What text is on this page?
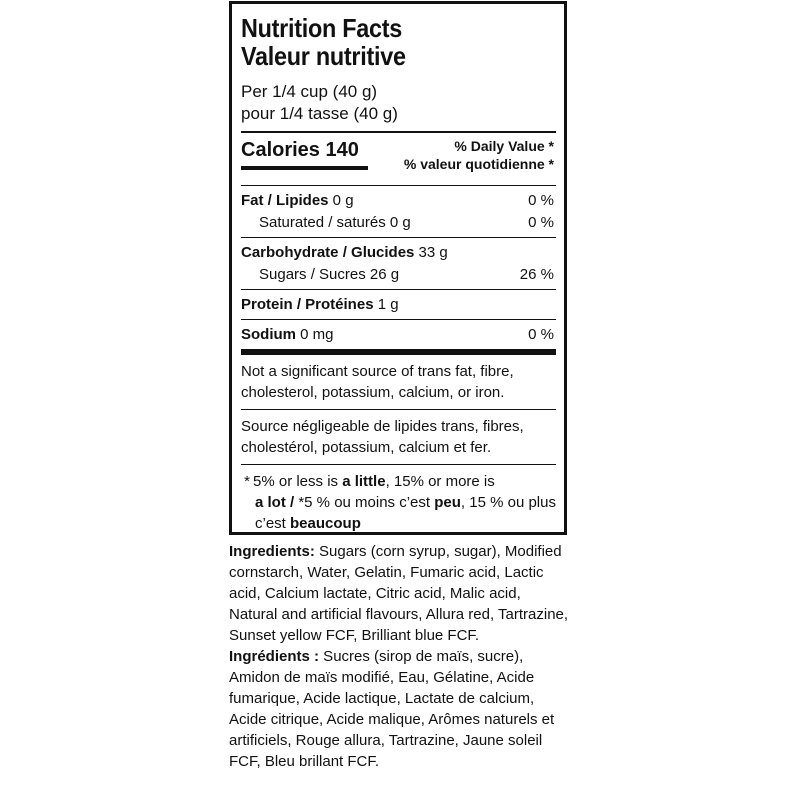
Nutrition Facts
Valeur nutritive
Per 1/4 cup (40 g)
pour 1/4 tasse (40 g)
Calories 140	% Daily Value *
% valeur quotidienne *
Fat / Lipides 0 g	0 %
Saturated / saturés 0 g	0 %
Carbohydrate / Glucides 33 g
Sugars / Sucres 26 g	26 %
Protein / Protéines 1 g
Sodium 0 mg	0 %
Not a significant source of trans fat, fibre, cholesterol, potassium, calcium, or iron.
Source négligeable de lipides trans, fibres, cholestérol, potassium, calcium et fer.
* 5% or less is a little, 15% or more is
a lot / *5 % ou moins c’est peu, 15 % ou plus c’est beaucoup

Ingredients: Sugars (corn syrup, sugar), Modified cornstarch, Water, Gelatin, Fumaric acid, Lactic acid, Calcium lactate, Citric acid, Malic acid, Natural and artificial flavours, Allura red, Tartrazine, Sunset yellow FCF, Brilliant blue FCF.

Ingrédients : Sucres (sirop de maïs, sucre), Amidon de maïs modifié, Eau, Gélatine, Acide fumarique, Acide lactique, Lactate de calcium, Acide citrique, Acide malique, Arômes naturels et artificiels, Rouge allura, Tartrazine, Jaune soleil FCF, Bleu brillant FCF.
